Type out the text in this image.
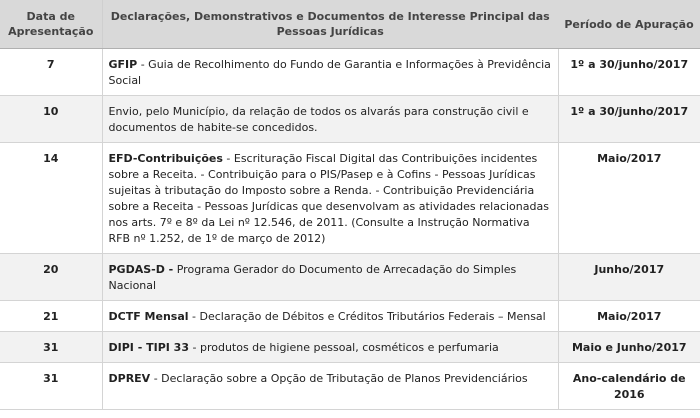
Data de Apresentação	Declarações, Demonstrativos e Documentos de Interesse Principal das Pessoas Jurídicas	Período de Apuração
7	GFIP - Guia de Recolhimento do Fundo de Garantia e Informações à Previdência Social	1º a 30/junho/2017
10	Envio, pelo Município, da relação de todos os alvarás para construção civil e documentos de habite-se concedidos.	1º a 30/junho/2017
14	EFD-Contribuições - Escrituração Fiscal Digital das Contribuições incidentes sobre a Receita. - Contribuição para o PIS/Pasep e à Cofins - Pessoas Jurídicas sujeitas à tributação do Imposto sobre a Renda. - Contribuição Previdenciária sobre a Receita - Pessoas Jurídicas que desenvolvam as atividades relacionadas nos arts. 7º e 8º da Lei nº 12.546, de 2011. (Consulte a Instrução Normativa RFB nº 1.252, de 1º de março de 2012)	Maio/2017
20	PGDAS-D - Programa Gerador do Documento de Arrecadação do Simples Nacional	Junho/2017
21	DCTF Mensal - Declaração de Débitos e Créditos Tributários Federais – Mensal	Maio/2017
31	DIPI - TIPI 33 - produtos de higiene pessoal, cosméticos e perfumaria	Maio e Junho/2017
31	DPREV - Declaração sobre a Opção de Tributação de Planos Previdenciários	Ano-calendário de 2016
